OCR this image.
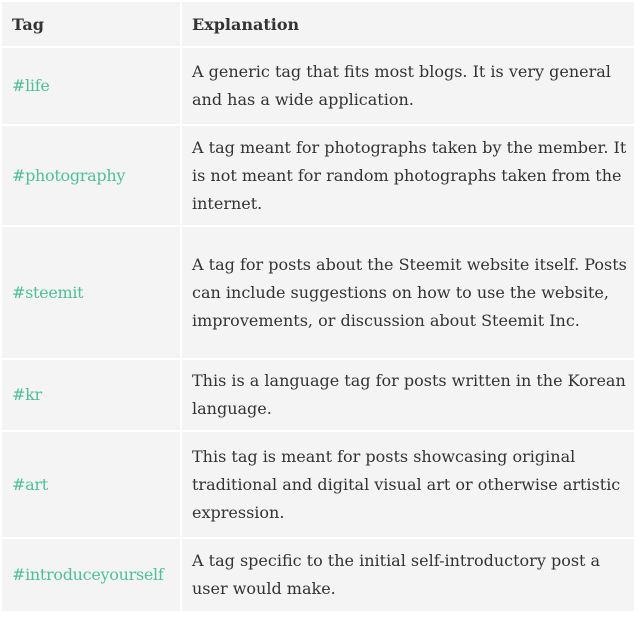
Tag	Explanation
#life	A generic tag that fits most blogs. It is very general and has a wide application.
#photography	A tag meant for photographs taken by the member. It is not meant for random photographs taken from the internet.
#steemit	A tag for posts about the Steemit website itself. Posts can include suggestions on how to use the website, improvements, or discussion about Steemit Inc.
#kr	This is a language tag for posts written in the Korean language.
#art	This tag is meant for posts showcasing original traditional and digital visual art or otherwise artistic expression.
#introduceyourself	A tag specific to the initial self-introductory post a user would make.
